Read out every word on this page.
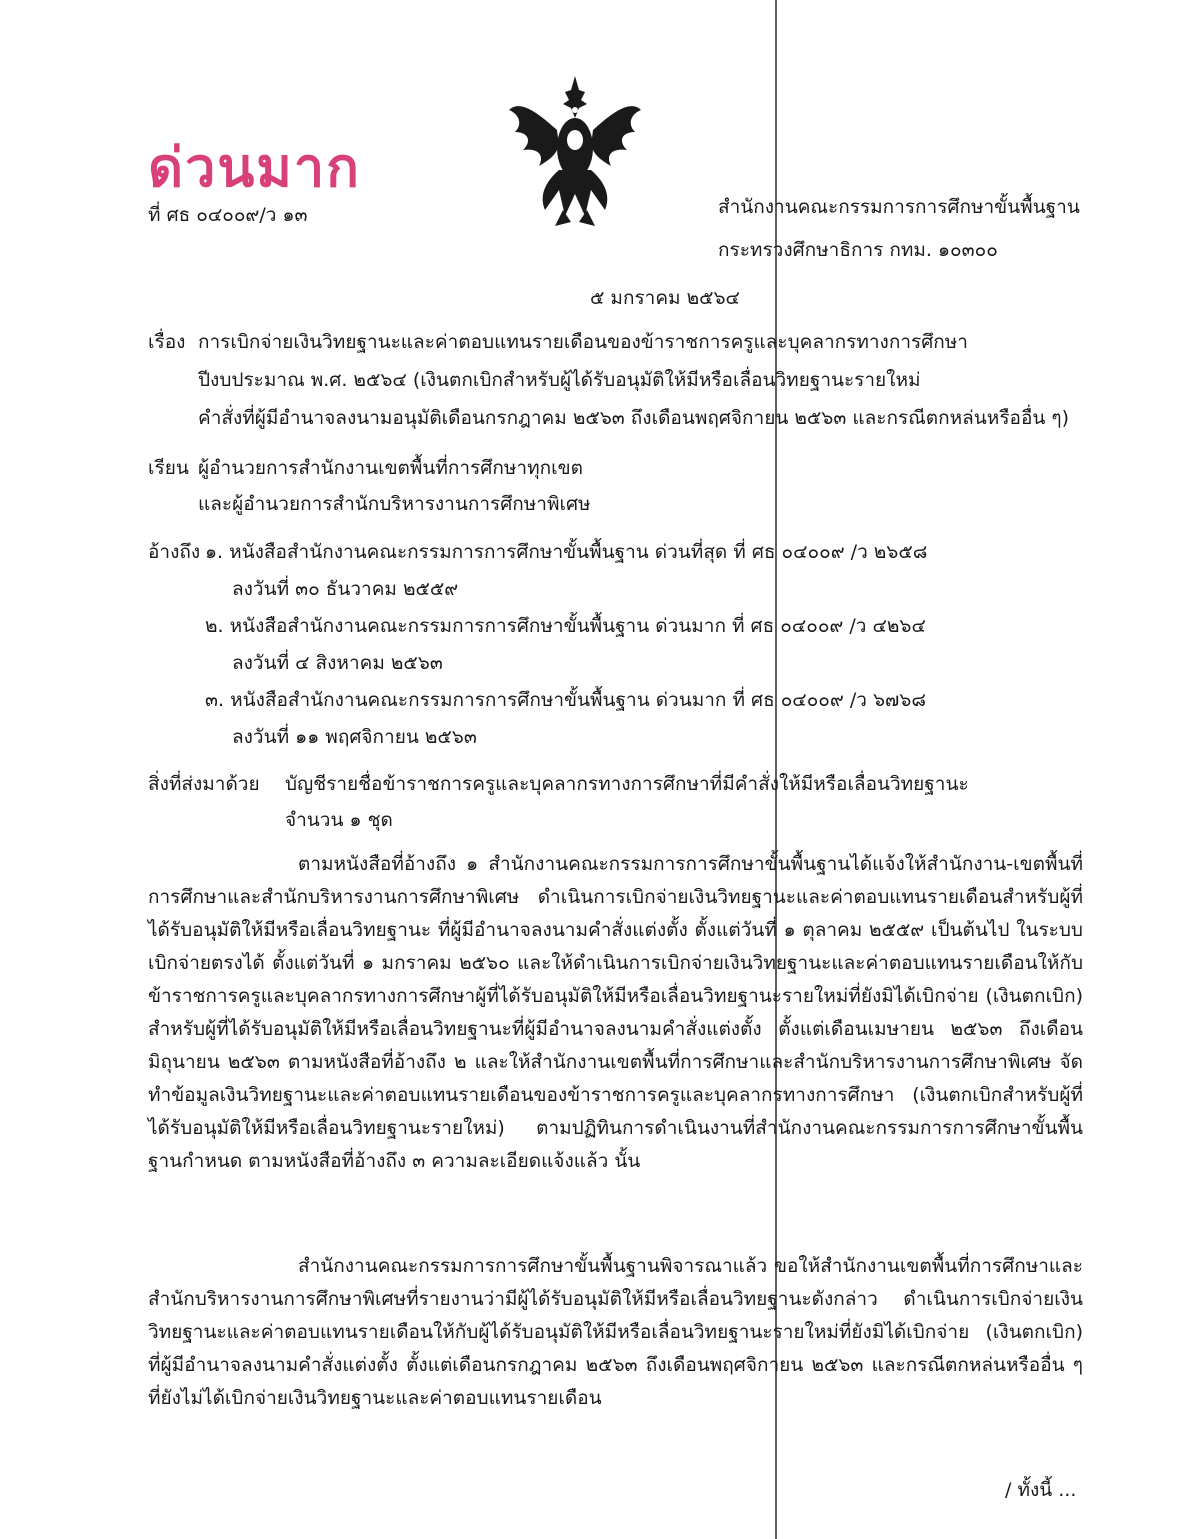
ด่วนมาก
ที่ ศธ ๐๔๐๐๙/ว ๑๓	สำนักงานคณะกรรมการการศึกษาขั้นพื้นฐาน
กระทรวงศึกษาธิการ กทม. ๑๐๓๐๐
๕ มกราคม ๒๕๖๔
เรื่อง การเบิกจ่ายเงินวิทยฐานะและค่าตอบแทนรายเดือนของข้าราชการครูและบุคลากรทางการศึกษา
ปีงบประมาณ พ.ศ. ๒๕๖๔ (เงินตกเบิกสำหรับผู้ได้รับอนุมัติให้มีหรือเลื่อนวิทยฐานะรายใหม่
คำสั่งที่ผู้มีอำนาจลงนามอนุมัติเดือนกรกฎาคม ๒๕๖๓ ถึงเดือนพฤศจิกายน ๒๕๖๓ และกรณีตกหล่นหรืออื่น ๆ)
เรียน ผู้อำนวยการสำนักงานเขตพื้นที่การศึกษาทุกเขต
และผู้อำนวยการสำนักบริหารงานการศึกษาพิเศษ
อ้างถึง ๑. หนังสือสำนักงานคณะกรรมการการศึกษาขั้นพื้นฐาน ด่วนที่สุด ที่ ศธ ๐๔๐๐๙ /ว ๒๖๕๘
ลงวันที่ ๓๐ ธันวาคม ๒๕๕๙
๒. หนังสือสำนักงานคณะกรรมการการศึกษาขั้นพื้นฐาน ด่วนมาก ที่ ศธ ๐๔๐๐๙ /ว ๔๒๖๔
ลงวันที่ ๔ สิงหาคม ๒๕๖๓
๓. หนังสือสำนักงานคณะกรรมการการศึกษาขั้นพื้นฐาน ด่วนมาก ที่ ศธ ๐๔๐๐๙ /ว ๖๗๖๘
ลงวันที่ ๑๑ พฤศจิกายน ๒๕๖๓
สิ่งที่ส่งมาด้วย บัญชีรายชื่อข้าราชการครูและบุคลากรทางการศึกษาที่มีคำสั่งให้มีหรือเลื่อนวิทยฐานะ
จำนวน ๑ ชุด

ตามหนังสือที่อ้างถึง ๑ สำนักงานคณะกรรมการการศึกษาขั้นพื้นฐานได้แจ้งให้สำนักงาน-เขตพื้นที่การศึกษาและสำนักบริหารงานการศึกษาพิเศษ ดำเนินการเบิกจ่ายเงินวิทยฐานะและค่าตอบแทนรายเดือนสำหรับผู้ที่ได้รับอนุมัติให้มีหรือเลื่อนวิทยฐานะ ที่ผู้มีอำนาจลงนามคำสั่งแต่งตั้ง ตั้งแต่วันที่ ๑ ตุลาคม ๒๕๕๙ เป็นต้นไป ในระบบเบิกจ่ายตรงได้ ตั้งแต่วันที่ ๑ มกราคม ๒๕๖๐ และให้ดำเนินการเบิกจ่ายเงินวิทยฐานะและค่าตอบแทนรายเดือนให้กับข้าราชการครูและบุคลากรทางการศึกษาผู้ที่ได้รับอนุมัติให้มีหรือเลื่อนวิทยฐานะรายใหม่ที่ยังมิได้เบิกจ่าย (เงินตกเบิก) สำหรับผู้ที่ได้รับอนุมัติให้มีหรือเลื่อนวิทยฐานะที่ผู้มีอำนาจลงนามคำสั่งแต่งตั้ง ตั้งแต่เดือนเมษายน ๒๕๖๓ ถึงเดือนมิถุนายน ๒๕๖๓ ตามหนังสือที่อ้างถึง ๒ และให้สำนักงานเขตพื้นที่การศึกษาและสำนักบริหารงานการศึกษาพิเศษ จัดทำข้อมูลเงินวิทยฐานะและค่าตอบแทนรายเดือนของข้าราชการครูและบุคลากรทางการศึกษา (เงินตกเบิกสำหรับผู้ที่ได้รับอนุมัติให้มีหรือเลื่อนวิทยฐานะรายใหม่) ตามปฏิทินการดำเนินงานที่สำนักงานคณะกรรมการการศึกษาขั้นพื้นฐานกำหนด ตามหนังสือที่อ้างถึง ๓ ความละเอียดแจ้งแล้ว นั้น

สำนักงานคณะกรรมการการศึกษาขั้นพื้นฐานพิจารณาแล้ว ขอให้สำนักงานเขตพื้นที่การศึกษาและสำนักบริหารงานการศึกษาพิเศษที่รายงานว่ามีผู้ได้รับอนุมัติให้มีหรือเลื่อนวิทยฐานะดังกล่าว ดำเนินการเบิกจ่ายเงินวิทยฐานะและค่าตอบแทนรายเดือนให้กับผู้ได้รับอนุมัติให้มีหรือเลื่อนวิทยฐานะรายใหม่ที่ยังมิได้เบิกจ่าย (เงินตกเบิก) ที่ผู้มีอำนาจลงนามคำสั่งแต่งตั้ง ตั้งแต่เดือนกรกฎาคม ๒๕๖๓ ถึงเดือนพฤศจิกายน ๒๕๖๓ และกรณีตกหล่นหรืออื่น ๆ ที่ยังไม่ได้เบิกจ่ายเงินวิทยฐานะและค่าตอบแทนรายเดือน

/ ทั้งนี้ ...
